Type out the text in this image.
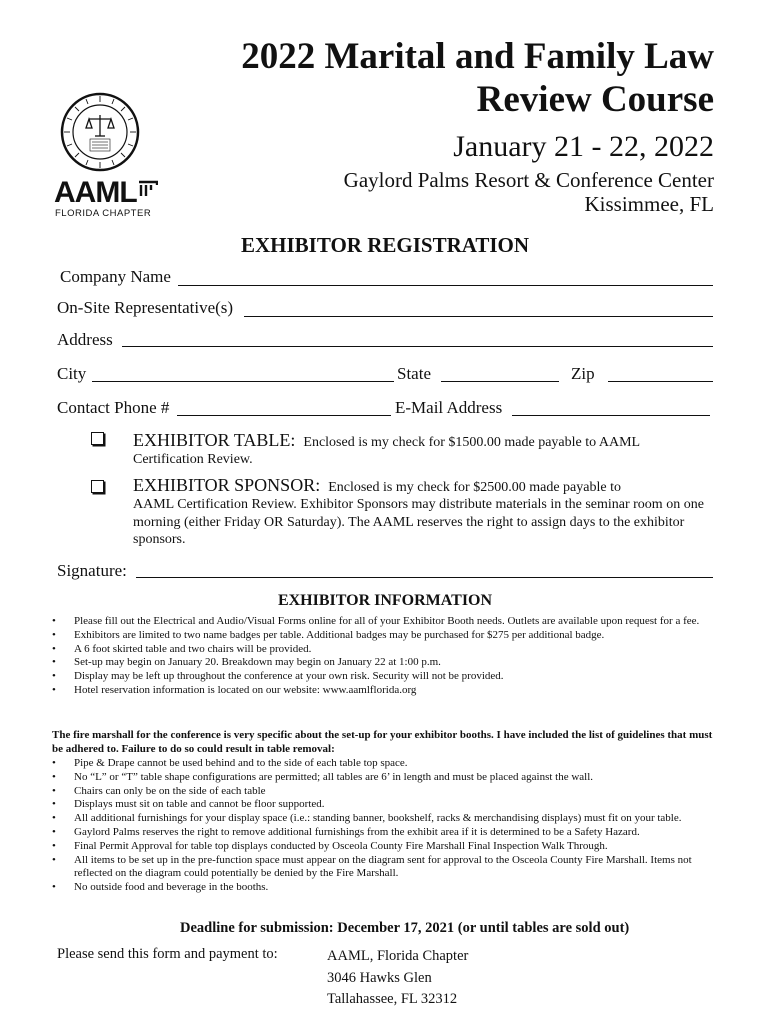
2022 Marital and Family Law
Review Course
January 21 - 22, 2022
Gaylord Palms Resort & Conference Center
Kissimmee, FL
AAML
FLORIDA CHAPTER
EXHIBITOR REGISTRATION
Company Name
On-Site Representative(s)
Address
City	State	Zip
Contact Phone #	E-Mail Address
EXHIBITOR TABLE: Enclosed is my check for $1500.00 made payable to AAML
Certification Review.
EXHIBITOR SPONSOR: Enclosed is my check for $2500.00 made payable to
AAML Certification Review. Exhibitor Sponsors may distribute materials in the seminar room on one morning (either Friday OR Saturday). The AAML reserves the right to assign days to the exhibitor sponsors.
Signature:
EXHIBITOR INFORMATION
• Please fill out the Electrical and Audio/Visual Forms online for all of your Exhibitor Booth needs. Outlets are available upon request for a fee.
• Exhibitors are limited to two name badges per table. Additional badges may be purchased for $275 per additional badge.
• A 6 foot skirted table and two chairs will be provided.
• Set-up may begin on January 20. Breakdown may begin on January 22 at 1:00 p.m.
• Display may be left up throughout the conference at your own risk. Security will not be provided.
• Hotel reservation information is located on our website: www.aamlflorida.org
The fire marshall for the conference is very specific about the set-up for your exhibitor booths. I have included the list of guidelines that must be adhered to. Failure to do so could result in table removal:
• Pipe & Drape cannot be used behind and to the side of each table top space.
• No “L” or “T” table shape configurations are permitted; all tables are 6’ in length and must be placed against the wall.
• Chairs can only be on the side of each table
• Displays must sit on table and cannot be floor supported.
• All additional furnishings for your display space (i.e.: standing banner, bookshelf, racks & merchandising displays) must fit on your table.
• Gaylord Palms reserves the right to remove additional furnishings from the exhibit area if it is determined to be a Safety Hazard.
• Final Permit Approval for table top displays conducted by Osceola County Fire Marshall Final Inspection Walk Through.
• All items to be set up in the pre-function space must appear on the diagram sent for approval to the Osceola County Fire Marshall. Items not reflected on the diagram could potentially be denied by the Fire Marshall.
• No outside food and beverage in the booths.
Deadline for submission: December 17, 2021 (or until tables are sold out)
Please send this form and payment to:	AAML, Florida Chapter
3046 Hawks Glen
Tallahassee, FL 32312
